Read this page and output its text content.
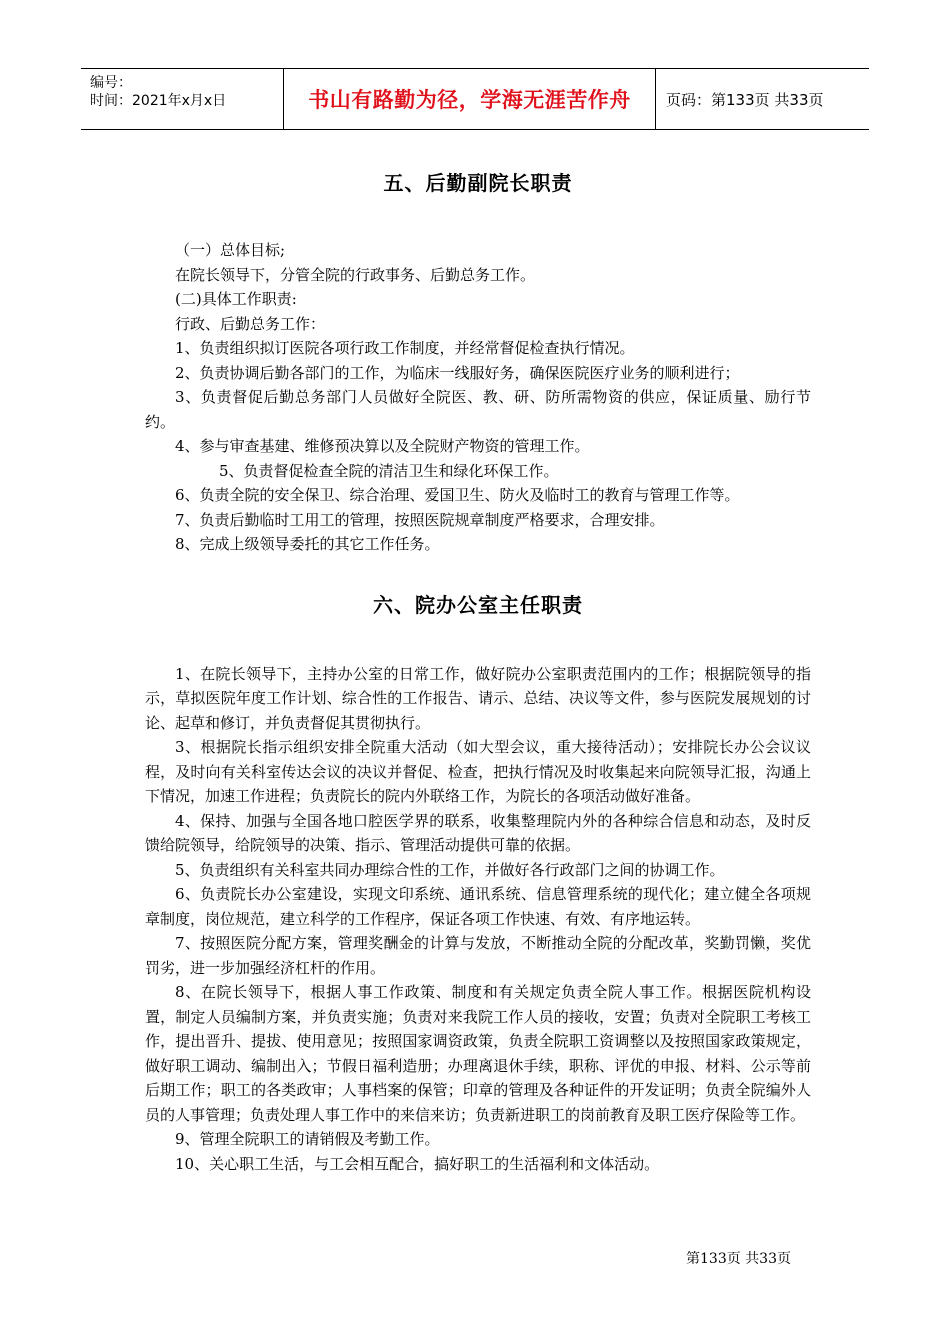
编号：
时间：2021年x月x日	书山有路勤为径，学海无涯苦作舟	页码：第133页 共33页
五、后勤副院长职责

（一）总体目标;

在院长领导下，分管全院的行政事务、后勤总务工作。

(二)具体工作职责:

行政、后勤总务工作：

1、负责组织拟订医院各项行政工作制度，并经常督促检查执行情况。

2、负责协调后勤各部门的工作，为临床一线服好务，确保医院医疗业务的顺利进行；

3、负责督促后勤总务部门人员做好全院医、教、研、防所需物资的供应，保证质量、励行节约。

4、参与审查基建、维修预决算以及全院财产物资的管理工作。

5、负责督促检查全院的清洁卫生和绿化环保工作。

6、负责全院的安全保卫、综合治理、爱国卫生、防火及临时工的教育与管理工作等。

7、负责后勤临时工用工的管理，按照医院规章制度严格要求，合理安排。

8、完成上级领导委托的其它工作任务。

六、院办公室主任职责

1、在院长领导下，主持办公室的日常工作，做好院办公室职责范围内的工作；根据院领导的指示，草拟医院年度工作计划、综合性的工作报告、请示、总结、决议等文件，参与医院发展规划的讨论、起草和修订，并负责督促其贯彻执行。

3、根据院长指示组织安排全院重大活动（如大型会议，重大接待活动）；安排院长办公会议议程，及时向有关科室传达会议的决议并督促、检查，把执行情况及时收集起来向院领导汇报，沟通上下情况，加速工作进程；负责院长的院内外联络工作，为院长的各项活动做好准备。

4、保持、加强与全国各地口腔医学界的联系，收集整理院内外的各种综合信息和动态，及时反馈给院领导，给院领导的决策、指示、管理活动提供可靠的依据。

5、负责组织有关科室共同办理综合性的工作，并做好各行政部门之间的协调工作。

6、负责院长办公室建设，实现文印系统、通讯系统、信息管理系统的现代化；建立健全各项规章制度，岗位规范，建立科学的工作程序，保证各项工作快速、有效、有序地运转。

7、按照医院分配方案，管理奖酬金的计算与发放，不断推动全院的分配改革，奖勤罚懒，奖优罚劣，进一步加强经济杠杆的作用。

8、在院长领导下，根据人事工作政策、制度和有关规定负责全院人事工作。根据医院机构设置，制定人员编制方案，并负责实施；负责对来我院工作人员的接收，安置；负责对全院职工考核工作，提出晋升、提拔、使用意见；按照国家调资政策，负责全院职工资调整以及按照国家政策规定，做好职工调动、编制出入；节假日福利造册；办理离退休手续，职称、评优的申报、材料、公示等前后期工作；职工的各类政审；人事档案的保管；印章的管理及各种证件的开发证明；负责全院编外人员的人事管理；负责处理人事工作中的来信来访；负责新进职工的岗前教育及职工医疗保险等工作。

9、管理全院职工的请销假及考勤工作。

10、关心职工生活，与工会相互配合，搞好职工的生活福利和文体活动。

第133页 共33页
